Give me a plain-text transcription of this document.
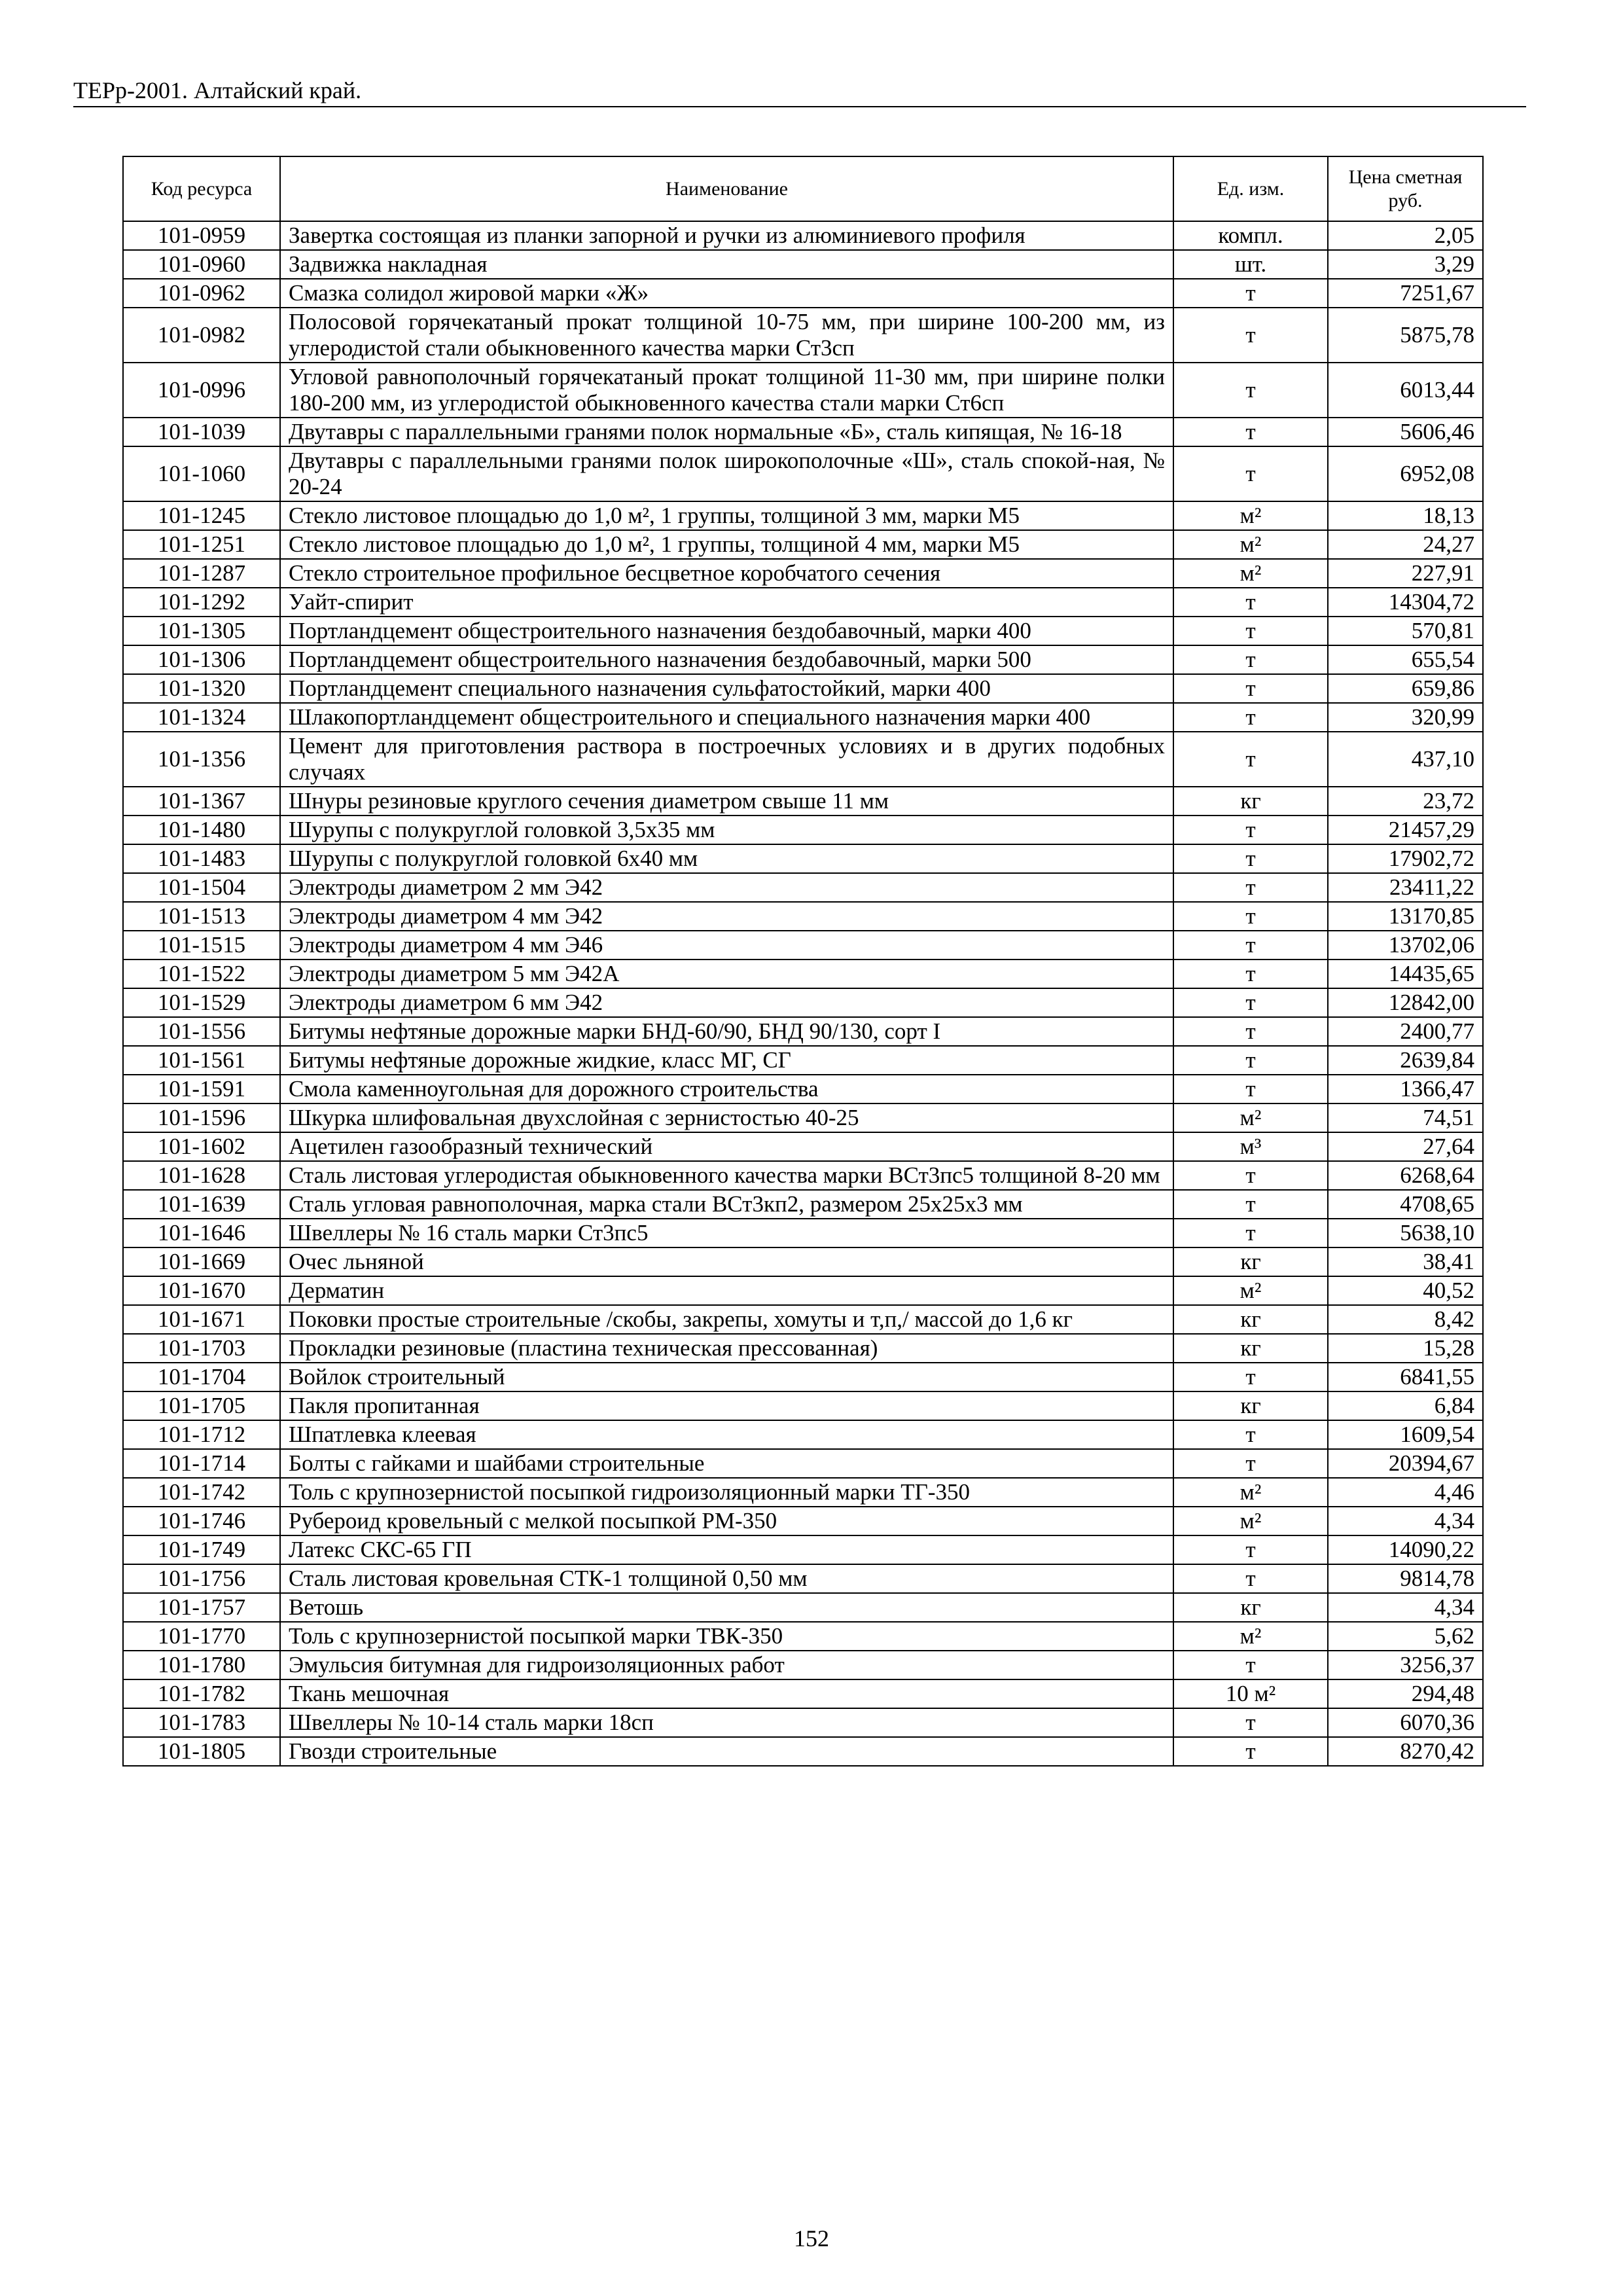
ТЕРр-2001. Алтайский край.
Код ресурса	Наименование	Ед. изм.	Цена сметная руб.
101-0959	Завертка состоящая из планки запорной и ручки из алюминиевого профиля	компл.	2,05
101-0960	Задвижка накладная	шт.	3,29
101-0962	Смазка солидол жировой марки «Ж»	т	7251,67
101-0982	Полосовой горячекатаный прокат толщиной 10-75 мм, при ширине 100-200 мм, из углеродистой стали обыкновенного качества марки Ст3сп	т	5875,78
101-0996	Угловой равнополочный горячекатаный прокат толщиной 11-30 мм, при ширине полки 180-200 мм, из углеродистой обыкновенного качества стали марки Ст6сп	т	6013,44
101-1039	Двутавры с параллельными гранями полок нормальные «Б», сталь кипящая, № 16-18	т	5606,46
101-1060	Двутавры с параллельными гранями полок широкополочные «Ш», сталь спокой-ная, № 20-24	т	6952,08
101-1245	Стекло листовое площадью до 1,0 м², 1 группы, толщиной 3 мм, марки М5	м²	18,13
101-1251	Стекло листовое площадью до 1,0 м², 1 группы, толщиной 4 мм, марки М5	м²	24,27
101-1287	Стекло строительное профильное бесцветное коробчатого сечения	м²	227,91
101-1292	Уайт-спирит	т	14304,72
101-1305	Портландцемент общестроительного назначения бездобавочный, марки 400	т	570,81
101-1306	Портландцемент общестроительного назначения бездобавочный, марки 500	т	655,54
101-1320	Портландцемент специального назначения сульфатостойкий, марки 400	т	659,86
101-1324	Шлакопортландцемент общестроительного и специального назначения марки 400	т	320,99
101-1356	Цемент для приготовления раствора в построечных условиях и в других подобных случаях	т	437,10
101-1367	Шнуры резиновые круглого сечения диаметром свыше 11 мм	кг	23,72
101-1480	Шурупы с полукруглой головкой 3,5х35 мм	т	21457,29
101-1483	Шурупы с полукруглой головкой 6х40 мм	т	17902,72
101-1504	Электроды диаметром 2 мм Э42	т	23411,22
101-1513	Электроды диаметром 4 мм Э42	т	13170,85
101-1515	Электроды диаметром 4 мм Э46	т	13702,06
101-1522	Электроды диаметром 5 мм Э42А	т	14435,65
101-1529	Электроды диаметром 6 мм Э42	т	12842,00
101-1556	Битумы нефтяные дорожные марки БНД-60/90, БНД 90/130, сорт I	т	2400,77
101-1561	Битумы нефтяные дорожные жидкие, класс МГ, СГ	т	2639,84
101-1591	Смола каменноугольная для дорожного строительства	т	1366,47
101-1596	Шкурка шлифовальная двухслойная с зернистостью 40-25	м²	74,51
101-1602	Ацетилен газообразный технический	м³	27,64
101-1628	Сталь листовая углеродистая обыкновенного качества марки ВСт3пс5 толщиной 8-20 мм	т	6268,64
101-1639	Сталь угловая равнополочная, марка стали ВСт3кп2, размером 25х25х3 мм	т	4708,65
101-1646	Швеллеры № 16 сталь марки Ст3пс5	т	5638,10
101-1669	Очес льняной	кг	38,41
101-1670	Дерматин	м²	40,52
101-1671	Поковки простые строительные /скобы, закрепы, хомуты и т,п,/ массой до 1,6 кг	кг	8,42
101-1703	Прокладки резиновые (пластина техническая прессованная)	кг	15,28
101-1704	Войлок строительный	т	6841,55
101-1705	Пакля пропитанная	кг	6,84
101-1712	Шпатлевка клеевая	т	1609,54
101-1714	Болты с гайками и шайбами строительные	т	20394,67
101-1742	Толь с крупнозернистой посыпкой гидроизоляционный марки ТГ-350	м²	4,46
101-1746	Рубероид кровельный с мелкой посыпкой РМ-350	м²	4,34
101-1749	Латекс СКС-65 ГП	т	14090,22
101-1756	Сталь листовая кровельная СТК-1 толщиной 0,50 мм	т	9814,78
101-1757	Ветошь	кг	4,34
101-1770	Толь с крупнозернистой посыпкой марки ТВК-350	м²	5,62
101-1780	Эмульсия битумная для гидроизоляционных работ	т	3256,37
101-1782	Ткань мешочная	10 м²	294,48
101-1783	Швеллеры № 10-14 сталь марки 18сп	т	6070,36
101-1805	Гвозди строительные	т	8270,42
152
